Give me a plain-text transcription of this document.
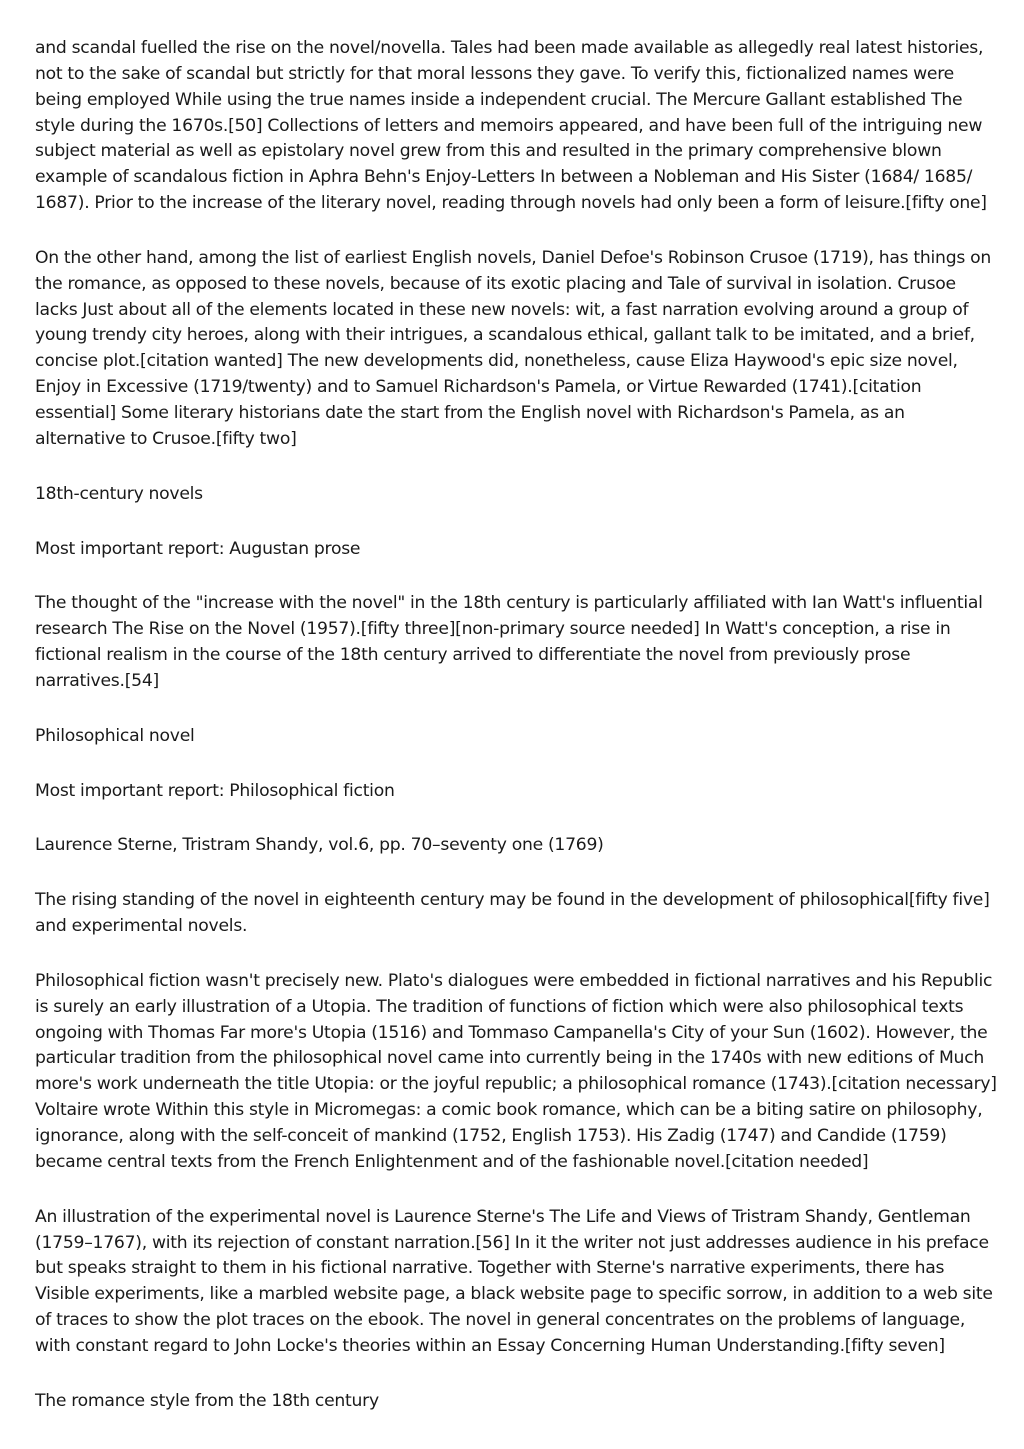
and scandal fuelled the rise on the novel/novella. Tales had been made available as allegedly real latest histories, not to the sake of scandal but strictly for that moral lessons they gave. To verify this, fictionalized names were being employed While using the true names inside a independent crucial. The Mercure Gallant established The style during the 1670s.[50] Collections of letters and memoirs appeared, and have been full of the intriguing new subject material as well as epistolary novel grew from this and resulted in the primary comprehensive blown example of scandalous fiction in Aphra Behn's Enjoy-Letters In between a Nobleman and His Sister (1684/ 1685/ 1687). Prior to the increase of the literary novel, reading through novels had only been a form of leisure.[fifty one]

On the other hand, among the list of earliest English novels, Daniel Defoe's Robinson Crusoe (1719), has things on the romance, as opposed to these novels, because of its exotic placing and Tale of survival in isolation. Crusoe lacks Just about all of the elements located in these new novels: wit, a fast narration evolving around a group of young trendy city heroes, along with their intrigues, a scandalous ethical, gallant talk to be imitated, and a brief, concise plot.[citation wanted] The new developments did, nonetheless, cause Eliza Haywood's epic size novel, Enjoy in Excessive (1719/twenty) and to Samuel Richardson's Pamela, or Virtue Rewarded (1741).[citation essential] Some literary historians date the start from the English novel with Richardson's Pamela, as an alternative to Crusoe.[fifty two]

18th-century novels

Most important report: Augustan prose

The thought of the "increase with the novel" in the 18th century is particularly affiliated with Ian Watt's influential research The Rise on the Novel (1957).[fifty three][non-primary source needed] In Watt's conception, a rise in fictional realism in the course of the 18th century arrived to differentiate the novel from previously prose narratives.[54]

Philosophical novel

Most important report: Philosophical fiction

Laurence Sterne, Tristram Shandy, vol.6, pp. 70–seventy one (1769)

The rising standing of the novel in eighteenth century may be found in the development of philosophical[fifty five] and experimental novels.

Philosophical fiction wasn't precisely new. Plato's dialogues were embedded in fictional narratives and his Republic is surely an early illustration of a Utopia. The tradition of functions of fiction which were also philosophical texts ongoing with Thomas Far more's Utopia (1516) and Tommaso Campanella's City of your Sun (1602). However, the particular tradition from the philosophical novel came into currently being in the 1740s with new editions of Much more's work underneath the title Utopia: or the joyful republic; a philosophical romance (1743).[citation necessary] Voltaire wrote Within this style in Micromegas: a comic book romance, which can be a biting satire on philosophy, ignorance, along with the self-conceit of mankind (1752, English 1753). His Zadig (1747) and Candide (1759) became central texts from the French Enlightenment and of the fashionable novel.[citation needed]

An illustration of the experimental novel is Laurence Sterne's The Life and Views of Tristram Shandy, Gentleman (1759–1767), with its rejection of constant narration.[56] In it the writer not just addresses audience in his preface but speaks straight to them in his fictional narrative. Together with Sterne's narrative experiments, there has Visible experiments, like a marbled website page, a black website page to specific sorrow, in addition to a web site of traces to show the plot traces on the ebook. The novel in general concentrates on the problems of language, with constant regard to John Locke's theories within an Essay Concerning Human Understanding.[fifty seven]

The romance style from the 18th century
